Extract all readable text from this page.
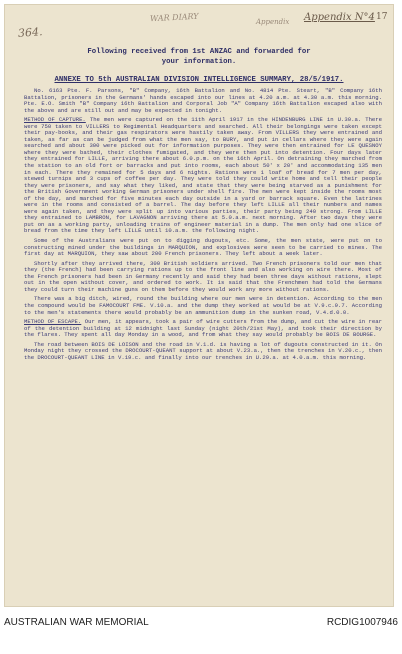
364.
WAR DIARY	Appendix Appendix N°4 17
Following received from 1st ANZAC and forwarded for
your information.
ANNEXE TO 5th AUSTRALIAN DIVISION INTELLIGENCE SUMMARY, 28/5/1917.

No. 6163 Pte. F. Parsons, "B" Company, 16th Battalion and No. 4814 Pte. Steart, "B" Company 16th Battalion, prisoners in the Germans' hands escaped into our lines at 4.20 a.m. at 4.30 a.m. this morning. Pte. E.O. Smith "B" Company 16th Battalion and Corporal Job "A" Company 16th Battalion escaped also with the above and are still out and may be expected in tonight.

METHOD OF CAPTURE. The men were captured on the 11th April 1917 in the HINDENBURG LINE in U.30.a. There were 750 taken to VILLERS to Regimental Headquarters and searched. All their belongings were taken except their pay-books, and their gas respirators were hastily taken away. From VILLERS they were entrained and taken, as far as can be judged from what the men say, to BURY, and put in cellars where they were again searched and about 300 were picked out for information purposes. They were then entrained for LE QUESNOY where they were bathed, their clothes fumigated, and they were then put into detention. Four days later they entrained for LILLE, arriving there about 6.0.p.m. on the 16th April. On detraining they marched from the station to an old fort or barracks and put into rooms, each about 50' x 20' and accommodating 135 men in each. There they remained for 5 days and 6 nights. Rations were 1 loaf of bread for 7 men per day, stewed turnips and 3 cups of coffee per day. They were told they could write home and tell their people they were prisoners, and say what they liked, and state that they were being starved as a punishment for the British Government working German prisoners under shell fire. The men were kept inside the rooms most of the day, and marched for five minutes each day outside in a yard or barrack square. Even the latrines were in the rooms and consisted of a barrel. The day before they left LILLE all their numbers and names were again taken, and they were split up into various parties, their party being 240 strong. From LILLE they entrained to LAMBRON, for LAVAGNON arriving there at 5.0.a.m. next morning. After two days they were put on as a working party, unloading trains of engineer material in a dump. The men only had one slice of bread from the time they left LILLE until 10.a.m. the following night.

Some of the Australians were put on to digging dugouts, etc. Some, the men state, were put on to constructing mined under the buildings in MARQUION, and explosives were seen to be carried to mines. The first day at MARQUION, they saw about 200 French prisoners. They left about a week later.

Shortly after they arrived there, 300 British soldiers arrived. Two French prisoners told our men that they (the French) had been carrying rations up to the front line and also working on wire there. Most of the French prisoners had been in Germany recently and said they had been three days without rations, slept out in the open without cover, and ordered to work. It is said that the Frenchmen had told the Germans they could turn their machine guns on them before they would work any more without rations.

There was a big ditch, wired, round the building where our men were in detention. According to the men the compound would be FAMOCOURT FME. V.10.a. and the dump they worked at would be at V.9.c.9.7. According to the men's statements there would probably be an ammunition dump in the sunken road, V.4.d.0.0.

METHOD OF ESCAPE. Our men, it appears, took a pair of wire cutters from the dump, and cut the wire in rear of the detention building at 12 midnight last Sunday (night 20th/21st May), and took their direction by the flares. They spent all day Monday in a wood, and from what they say would probably be BOIS DE BOURGE.

The road between BOIS DE LOISON and the road in V.1.d. is having a lot of dugouts constructed in it. On Monday night they crossed the DROCOURT-QUEANT support at about V.23.a., then the trenches in V.20.c., then the DROCOURT-QUEANT LINE in V.19.c. and finally into our trenches in U.29.a. at 4.0.a.m. this morning.

AUSTRALIAN WAR MEMORIAL	RCDIG1007946
